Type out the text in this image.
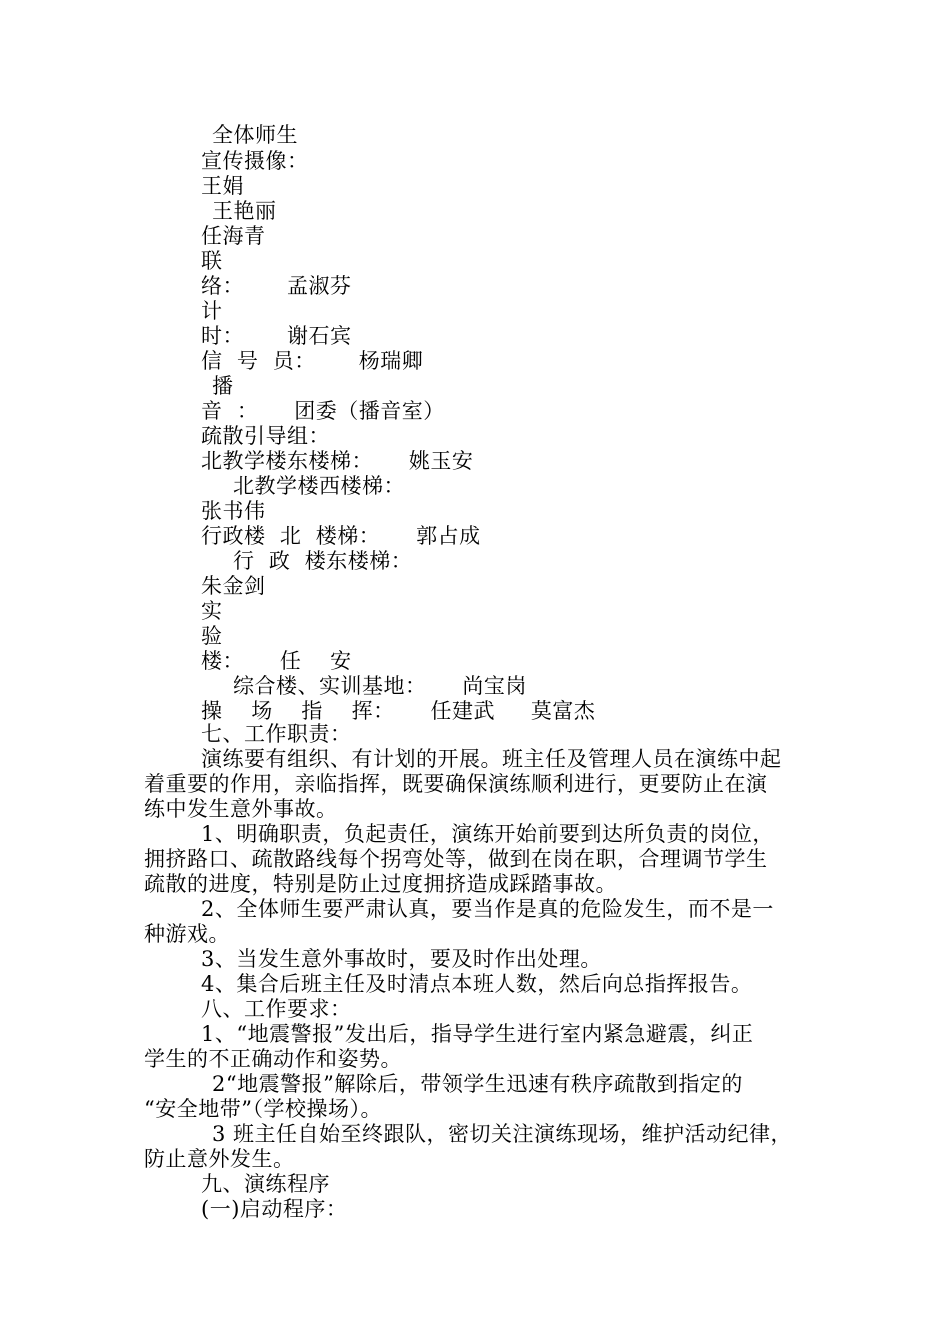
全体师生
宣传摄像：
王娟
王艳丽
任海青
联
络：      孟淑芬
计
时：      谢石宾
信  号  员：      杨瑞卿
播
音  ：     团委（播音室）
疏散引导组：
北教学楼东楼梯：     姚玉安
北教学楼西楼梯：
张书伟
行政楼  北  楼梯：     郭占成
行  政  楼东楼梯：
朱金剑
实
验
楼：     任    安
综合楼、实训基地：     尚宝岗
操    场    指    挥：     任建武     莫富杰
七、工作职责：
演练要有组织、有计划的开展。班主任及管理人员在演练中起
着重要的作用，亲临指挥，既要确保演练顺利进行，更要防止在演
练中发生意外事故。
1、明确职责，负起责任，演练开始前要到达所负责的岗位，
拥挤路口、疏散路线每个拐弯处等，做到在岗在职，合理调节学生
疏散的进度，特别是防止过度拥挤造成踩踏事故。
2、全体师生要严肃认真，要当作是真的危险发生，而不是一
种游戏。
3、当发生意外事故时，要及时作出处理。
4、集合后班主任及时清点本班人数，然后向总指挥报告。
八、工作要求：
1、“地震警报”发出后，指导学生进行室内紧急避震，纠正
学生的不正确动作和姿势。
2“地震警报”解除后，带领学生迅速有秩序疏散到指定的
“安全地带”（学校操场）。
3 班主任自始至终跟队，密切关注演练现场，维护活动纪律，
防止意外发生。
九、演练程序
(一)启动程序：
